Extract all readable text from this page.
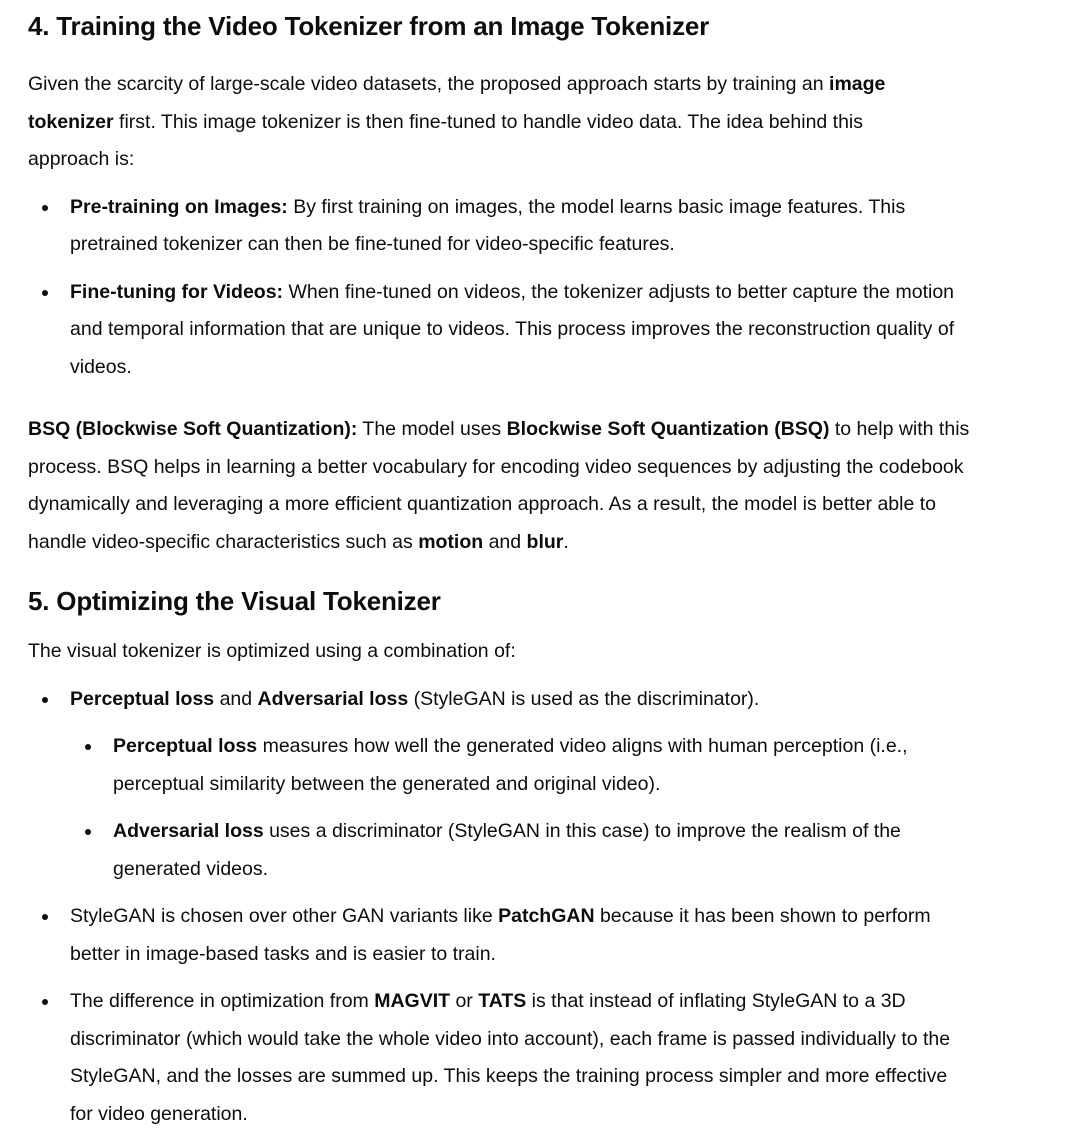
4. Training the Video Tokenizer from an Image Tokenizer

Given the scarcity of large-scale video datasets, the proposed approach starts by training an image tokenizer first. This image tokenizer is then fine-tuned to handle video data. The idea behind this approach is:

Pre-training on Images: By first training on images, the model learns basic image features. This pretrained tokenizer can then be fine-tuned for video-specific features.
Fine-tuning for Videos: When fine-tuned on videos, the tokenizer adjusts to better capture the motion and temporal information that are unique to videos. This process improves the reconstruction quality of videos.

BSQ (Blockwise Soft Quantization): The model uses Blockwise Soft Quantization (BSQ) to help with this process. BSQ helps in learning a better vocabulary for encoding video sequences by adjusting the codebook dynamically and leveraging a more efficient quantization approach. As a result, the model is better able to handle video-specific characteristics such as motion and blur.

5. Optimizing the Visual Tokenizer

The visual tokenizer is optimized using a combination of:

Perceptual loss and Adversarial loss (StyleGAN is used as the discriminator).
Perceptual loss measures how well the generated video aligns with human perception (i.e., perceptual similarity between the generated and original video).
Adversarial loss uses a discriminator (StyleGAN in this case) to improve the realism of the generated videos.
StyleGAN is chosen over other GAN variants like PatchGAN because it has been shown to perform better in image-based tasks and is easier to train.
The difference in optimization from MAGVIT or TATS is that instead of inflating StyleGAN to a 3D discriminator (which would take the whole video into account), each frame is passed individually to the StyleGAN, and the losses are summed up. This keeps the training process simpler and more effective for video generation.
